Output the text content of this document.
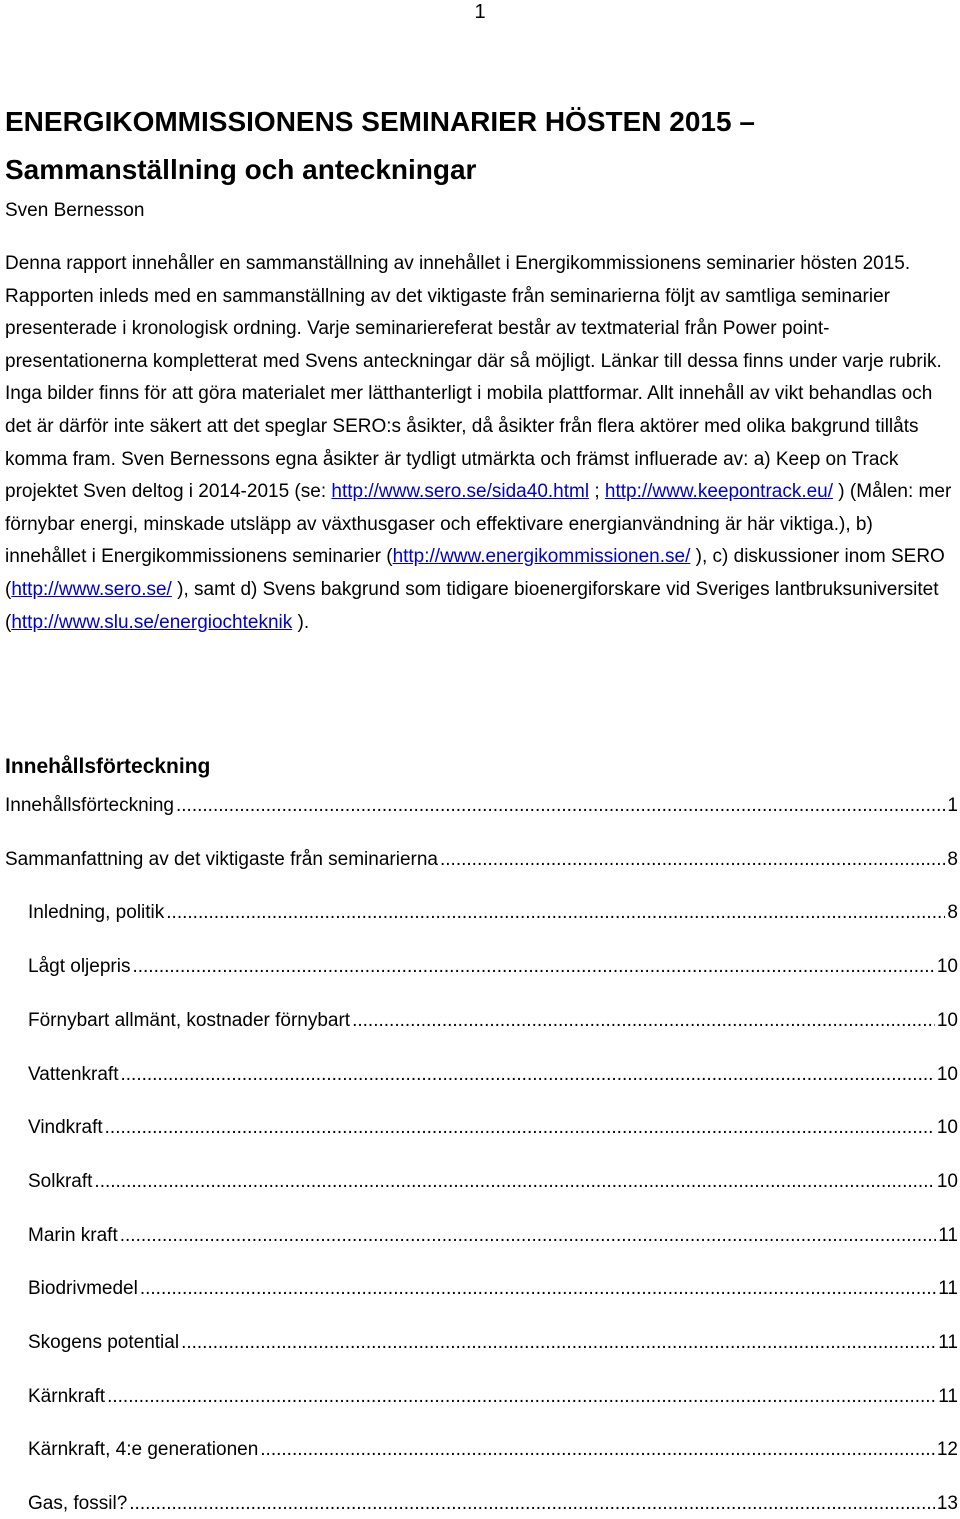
1
ENERGIKOMMISSIONENS SEMINARIER HÖSTEN 2015 –
Sammanställning och anteckningar
Sven Bernesson

Denna rapport innehåller en sammanställning av innehållet i Energikommissionens seminarier hösten 2015. Rapporten inleds med en sammanställning av det viktigaste från seminarierna följt av samtliga seminarier presenterade i kronologisk ordning. Varje seminariereferat består av textmaterial från Power point-presentationerna kompletterat med Svens anteckningar där så möjligt. Länkar till dessa finns under varje rubrik. Inga bilder finns för att göra materialet mer lätthanterligt i mobila plattformar. Allt innehåll av vikt behandlas och det är därför inte säkert att det speglar SERO:s åsikter, då åsikter från flera aktörer med olika bakgrund tillåts komma fram. Sven Bernessons egna åsikter är tydligt utmärkta och främst influerade av: a) Keep on Track projektet Sven deltog i 2014-2015 (se: http://www.sero.se/sida40.html ; http://www.keepontrack.eu/ ) (Målen: mer förnybar energi, minskade utsläpp av växthusgaser och effektivare energianvändning är här viktiga.), b) innehållet i Energikommissionens seminarier (http://www.energikommissionen.se/ ), c) diskussioner inom SERO (http://www.sero.se/ ), samt d) Svens bakgrund som tidigare bioenergiforskare vid Sveriges lantbruksuniversitet (http://www.slu.se/energiochteknik ).

Innehållsförteckning
Innehållsförteckning .....	1
Sammanfattning av det viktigaste från seminarierna .....	8
Inledning, politik .....	8
Lågt oljepris .....	10
Förnybart allmänt, kostnader förnybart .....	10
Vattenkraft .....	10
Vindkraft .....	10
Solkraft .....	10
Marin kraft .....	11
Biodrivmedel .....	11
Skogens potential .....	11
Kärnkraft .....	11
Kärnkraft, 4:e generationen .....	12
Gas, fossil? .....	13
